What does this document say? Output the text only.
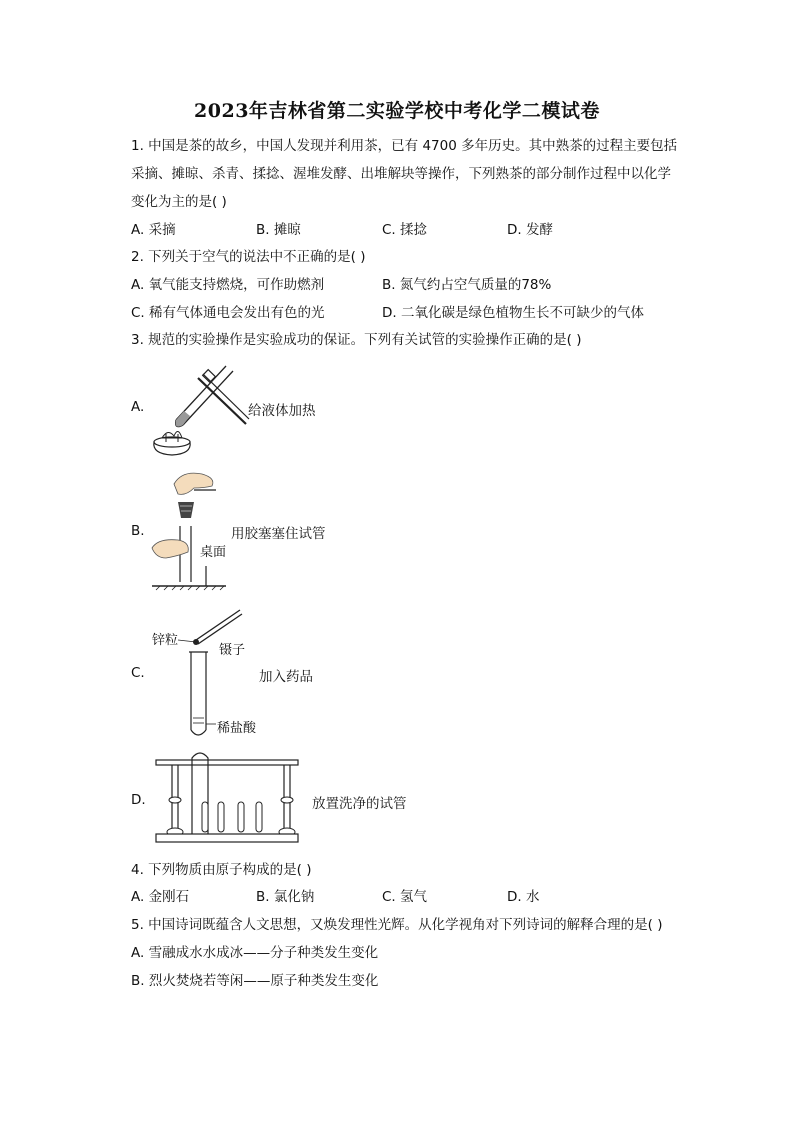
2023年吉林省第二实验学校中考化学二模试卷
1. 中国是茶的故乡，中国人发现并利用茶，已有 4700 多年历史。其中熟茶的过程主要包括
采摘、摊晾、杀青、揉捻、渥堆发酵、出堆解块等操作，下列熟茶的部分制作过程中以化学
变化为主的是( )
A. 采摘	B. 摊晾	C. 揉捻	D. 发酵
2. 下列关于空气的说法中不正确的是( )
A. 氧气能支持燃烧，可作助燃剂	B. 氮气约占空气质量的78%
C. 稀有气体通电会发出有色的光	D. 二氧化碳是绿色植物生长不可缺少的气体
3. 规范的实验操作是实验成功的保证。下列有关试管的实验操作正确的是( )
A.	给液体加热
B.
桌面
用胶塞塞住试管
C.
锌粒
镊子
加入药品
稀盐酸
D.	放置洗净的试管
4. 下列物质由原子构成的是( )
A. 金刚石	B. 氯化钠	C. 氢气	D. 水
5. 中国诗词既蕴含人文思想，又焕发理性光辉。从化学视角对下列诗词的解释合理的是( )
A. 雪融成水水成冰——分子种类发生变化
B. 烈火焚烧若等闲——原子种类发生变化
